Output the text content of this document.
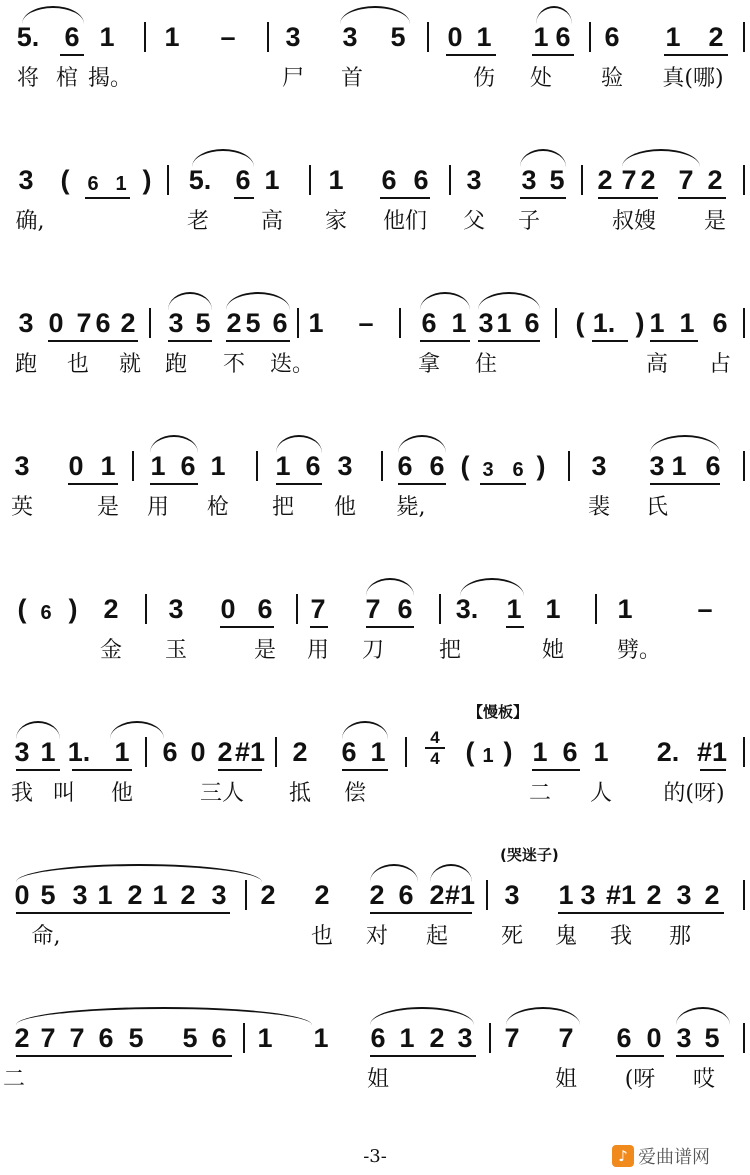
5. 6 1 1 – 3 3 5 0 1 1 6 6 1 2
将 棺 揭。	尸 首	伤 处 验 真(哪)
3 ( 6 1 ) 5. 6 1 1 6 6 3 3 5 2 7 2 7 2
确,	老 高 家 他们 父 子	叔嫂 是
3 0 7 6 2 3 5 2 5 6 1 – 6 1 3 1 6 ( 1. ) 1 1 6
跑 也 就 跑 不 迭。	拿 住	高 占
3 0 1 1 6 1 1 6 3 6 6 ( 3 6 ) 3 3 1 6
英	是 用 枪 把 他 毙,	裴 氏
( 6 ) 2 3 0 6 7 7 6 3. 1 1 1 –
金 玉	是 用 刀 把	她 劈。
3 1 1. 1 6 0 2 #1 2 6 1	( 1 ) 1 6 1 2. #1
4
4
【慢板】
我 叫 他	三人 抵 偿	二 人 的(呀)
0 5 3 1 2 1 2 3 2 2 2 6 2 #1 3 1 3 #1 2 3 2
(哭迷子)
命,	也 对 起 死 鬼 我 那
2 7 7 6 5 5 6 1 1 6 1 2 3 7 7 6 0 3 5
二	姐	姐 (呀 哎
-3-	♪ 爱曲谱网
